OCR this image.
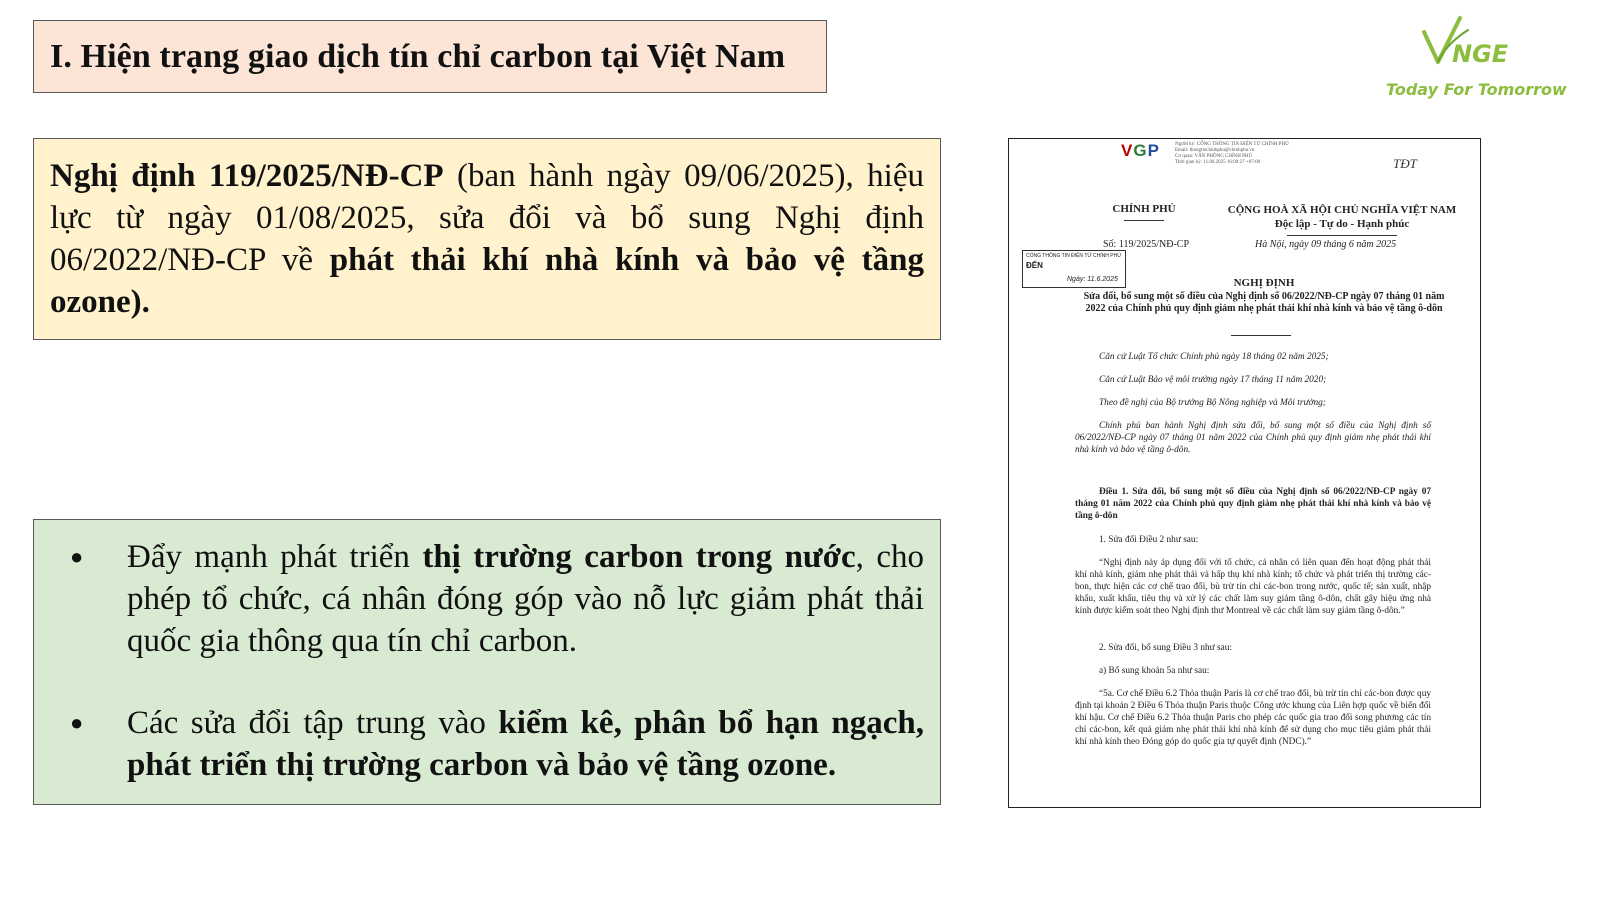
I. Hiện trạng giao dịch tín chỉ carbon tại Việt Nam	NGE
Today For Tomorrow

Nghị định 119/2025/NĐ-CP (ban hành ngày 09/06/2025), hiệu lực từ ngày 01/08/2025, sửa đổi và bổ sung Nghị định 06/2022/NĐ-CP về phát thải khí nhà kính và bảo vệ tầng ozone).

● Đẩy mạnh phát triển thị trường carbon trong nước, cho phép tổ chức, cá nhân đóng góp vào nỗ lực giảm phát thải quốc gia thông qua tín chỉ carbon.
● Các sửa đổi tập trung vào kiểm kê, phân bổ hạn ngạch, phát triển thị trường carbon và bảo vệ tầng ozone.
VGP	Người ký: CỔNG THÔNG TIN ĐIỆN TỬ CHÍNH PHỦ
Email: thongtinchinhphu@chinhphu.vn
Cơ quan: VĂN PHÒNG CHÍNH PHỦ
Thời gian ký: 11.06.2025 16:00:27 +07:00	TĐT
CHÍNH PHỦ	CỘNG HOÀ XÃ HỘI CHỦ NGHĨA VIỆT NAM
Độc lập - Tự do - Hạnh phúc
Số: 119/2025/NĐ-CP	Hà Nội, ngày 09 tháng 6 năm 2025
CỔNG THÔNG TIN ĐIỆN TỬ CHÍNH PHỦ
ĐẾN
Ngày: 11.6.2025	NGHỊ ĐỊNH
Sửa đổi, bổ sung một số điều của Nghị định số 06/2022/NĐ-CP ngày 07 tháng 01 năm 2022 của Chính phủ quy định giảm nhẹ phát thải khí nhà kính và bảo vệ tầng ô-dôn
Căn cứ Luật Tổ chức Chính phủ ngày 18 tháng 02 năm 2025;
Căn cứ Luật Bảo vệ môi trường ngày 17 tháng 11 năm 2020;
Theo đề nghị của Bộ trưởng Bộ Nông nghiệp và Môi trường;
Chính phủ ban hành Nghị định sửa đổi, bổ sung một số điều của Nghị định số 06/2022/NĐ-CP ngày 07 tháng 01 năm 2022 của Chính phủ quy định giảm nhẹ phát thải khí nhà kính và bảo vệ tầng ô-dôn.
Điều 1. Sửa đổi, bổ sung một số điều của Nghị định số 06/2022/NĐ-CP ngày 07 tháng 01 năm 2022 của Chính phủ quy định giảm nhẹ phát thải khí nhà kính và bảo vệ tầng ô-dôn
1. Sửa đổi Điều 2 như sau:
“Nghị định này áp dụng đối với tổ chức, cá nhân có liên quan đến hoạt động phát thải khí nhà kính, giảm nhẹ phát thải và hấp thụ khí nhà kính; tổ chức và phát triển thị trường các-bon, thực hiện các cơ chế trao đổi, bù trừ tín chỉ các-bon trong nước, quốc tế; sản xuất, nhập khẩu, xuất khẩu, tiêu thụ và xử lý các chất làm suy giảm tầng ô-dôn, chất gây hiệu ứng nhà kính được kiểm soát theo Nghị định thư Montreal về các chất làm suy giảm tầng ô-dôn.”
2. Sửa đổi, bổ sung Điều 3 như sau:
a) Bổ sung khoản 5a như sau:
“5a. Cơ chế Điều 6.2 Thỏa thuận Paris là cơ chế trao đổi, bù trừ tín chỉ các-bon được quy định tại khoản 2 Điều 6 Thỏa thuận Paris thuộc Công ước khung của Liên hợp quốc về biến đổi khí hậu. Cơ chế Điều 6.2 Thỏa thuận Paris cho phép các quốc gia trao đổi song phương các tín chỉ các-bon, kết quả giảm nhẹ phát thải khí nhà kính để sử dụng cho mục tiêu giảm phát thải khí nhà kính theo Đóng góp do quốc gia tự quyết định (NDC).”
